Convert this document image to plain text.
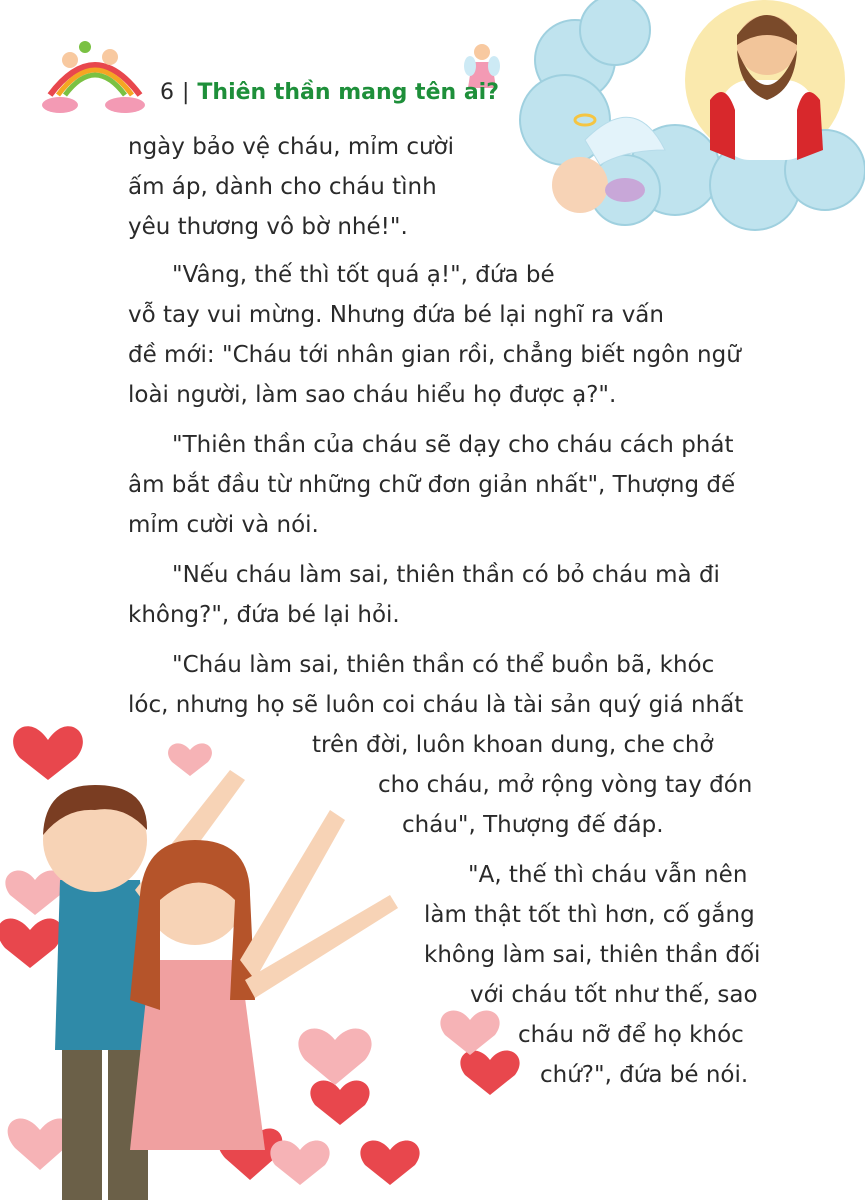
6 | Thiên thần mang tên ai?
ngày bảo vệ cháu, mỉm cười
ấm áp, dành cho cháu tình
yêu thương vô bờ nhé!".
"Vâng, thế thì tốt quá ạ!", đứa bé
vỗ tay vui mừng. Nhưng đứa bé lại nghĩ ra vấn
đề mới: "Cháu tới nhân gian rồi, chẳng biết ngôn ngữ
loài người, làm sao cháu hiểu họ được ạ?".
"Thiên thần của cháu sẽ dạy cho cháu cách phát
âm bắt đầu từ những chữ đơn giản nhất", Thượng đế
mỉm cười và nói.
"Nếu cháu làm sai, thiên thần có bỏ cháu mà đi
không?", đứa bé lại hỏi.
"Cháu làm sai, thiên thần có thể buồn bã, khóc
lóc, nhưng họ sẽ luôn coi cháu là tài sản quý giá nhất
trên đời, luôn khoan dung, che chở
cho cháu, mở rộng vòng tay đón
cháu", Thượng đế đáp.
"A, thế thì cháu vẫn nên
làm thật tốt thì hơn, cố gắng
không làm sai, thiên thần đối
với cháu tốt như thế, sao
cháu nỡ để họ khóc
chứ?", đứa bé nói.
